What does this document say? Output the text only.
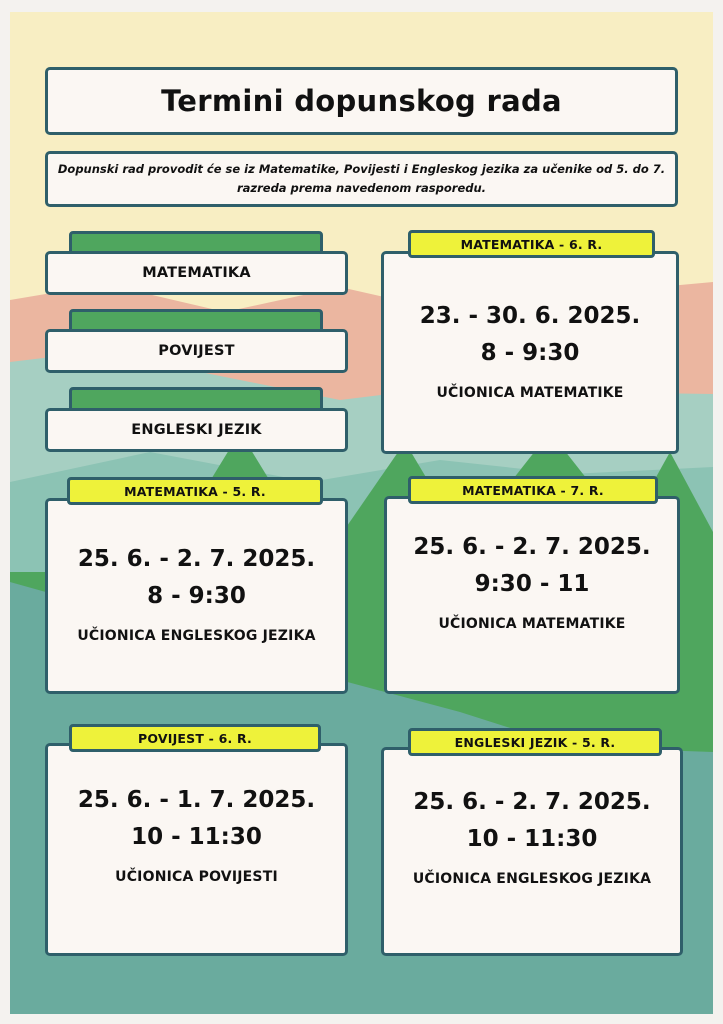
Termini dopunskog rada
Dopunski rad provodit će se iz Matematike, Povijesti i Engleskog jezika za učenike od 5. do 7. razreda prema navedenom rasporedu.
MATEMATIKA
POVIJEST
ENGLESKI JEZIK
23. - 30. 6. 2025.
8 - 9:30
UČIONICA MATEMATIKE
MATEMATIKA - 6. R.
25. 6. - 2. 7. 2025.
8 - 9:30
UČIONICA ENGLESKOG JEZIKA
MATEMATIKA - 5. R.
25. 6. - 2. 7. 2025.
9:30 - 11
UČIONICA MATEMATIKE
MATEMATIKA - 7. R.
25. 6. - 1. 7. 2025.
10 - 11:30
UČIONICA POVIJESTI
POVIJEST - 6. R.
25. 6. - 2. 7. 2025.
10 - 11:30
UČIONICA ENGLESKOG JEZIKA
ENGLESKI JEZIK - 5. R.
